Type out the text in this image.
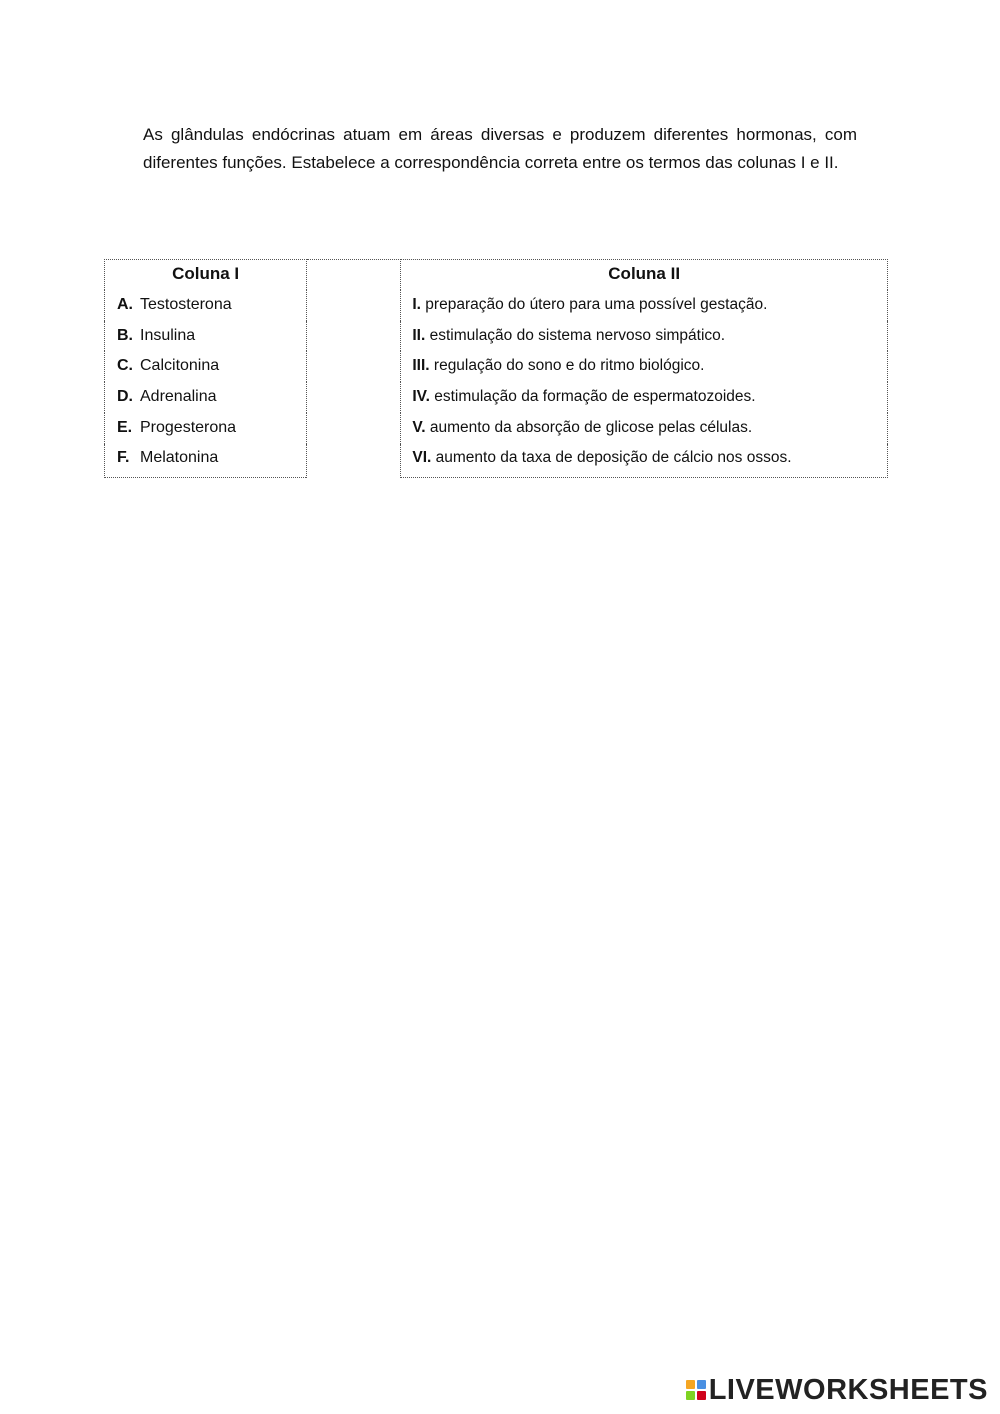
As glândulas endócrinas atuam em áreas diversas e produzem diferentes hormonas, com diferentes funções. Estabelece a correspondência correta entre os termos das colunas I e II.

Coluna I		Coluna II
A. Testosterona		I. preparação do útero para uma possível gestação.
B. Insulina		II. estimulação do sistema nervoso simpático.
C. Calcitonina		III. regulação do sono e do ritmo biológico.
D. Adrenalina		IV. estimulação da formação de espermatozoides.
E. Progesterona		V. aumento da absorção de glicose pelas células.
F. Melatonina		VI. aumento da taxa de deposição de cálcio nos ossos.
LIVEWORKSHEETS
